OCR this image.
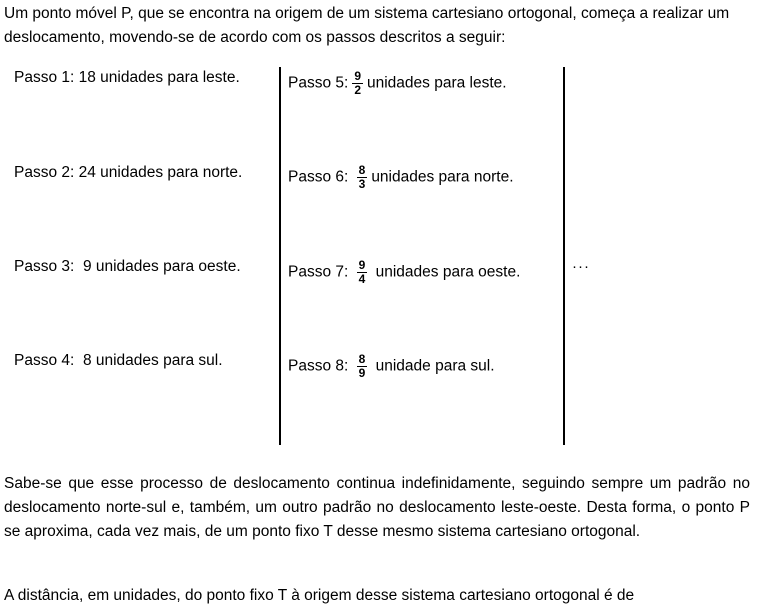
Um ponto móvel P, que se encontra na origem de um sistema cartesiano ortogonal, começa a realizar um deslocamento, movendo-se de acordo com os passos descritos a seguir:

Passo 1: 18 unidades para leste.
Passo 2: 24 unidades para norte.
Passo 3: 9 unidades para oeste.
Passo 4: 8 unidades para sul.
Passo 5: $\frac{9}{2}$ unidades para leste.
Passo 6: $\frac{8}{3}$ unidades para norte.
Passo 7: $\frac{9}{4}$ unidades para oeste.
Passo 8: $\frac{8}{9}$ unidade para sul.
···

Sabe-se que esse processo de deslocamento continua indefinidamente, seguindo sempre um padrão no deslocamento norte-sul e, também, um outro padrão no deslocamento leste-oeste. Desta forma, o ponto P se aproxima, cada vez mais, de um ponto fixo T desse mesmo sistema cartesiano ortogonal.

A distância, em unidades, do ponto fixo T à origem desse sistema cartesiano ortogonal é de
